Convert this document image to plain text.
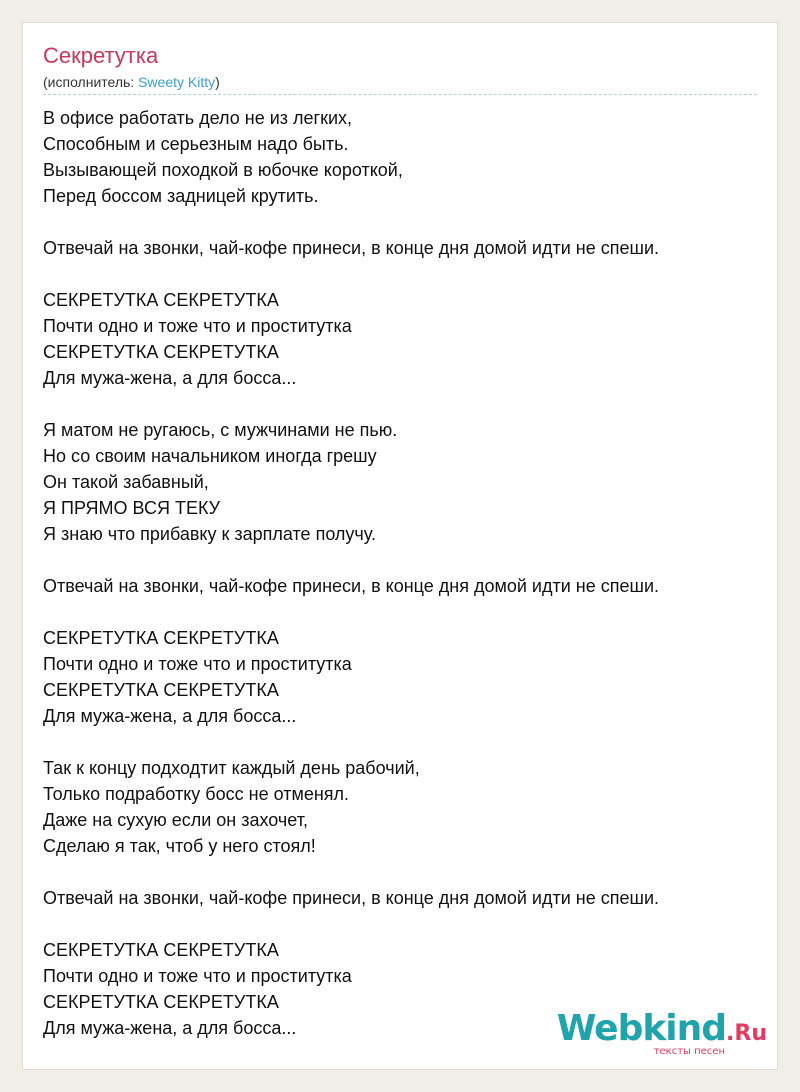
Секретутка
(исполнитель: Sweety Kitty)
В офисе работать дело не из легких,
Способным и серьезным надо быть.
Вызывающей походкой в юбочке короткой,
Перед боссом задницей крутить.
Отвечай на звонки, чай-кофе принеси, в конце дня домой идти не спеши.
СЕКРЕТУТКА СЕКРЕТУТКА
Почти одно и тоже что и проститутка
СЕКРЕТУТКА СЕКРЕТУТКА
Для мужа-жена, а для босса...
Я матом не ругаюсь, с мужчинами не пью.
Но со своим начальником иногда грешу
Он такой забавный,
Я ПРЯМО ВСЯ ТЕКУ
Я знаю что прибавку к зарплате получу.
Отвечай на звонки, чай-кофе принеси, в конце дня домой идти не спеши.
СЕКРЕТУТКА СЕКРЕТУТКА
Почти одно и тоже что и проститутка
СЕКРЕТУТКА СЕКРЕТУТКА
Для мужа-жена, а для босса...
Так к концу подходтит каждый день рабочий,
Только подработку босс не отменял.
Даже на сухую если он захочет,
Сделаю я так, чтоб у него стоял!
Отвечай на звонки, чай-кофе принеси, в конце дня домой идти не спеши.
СЕКРЕТУТКА СЕКРЕТУТКА
Почти одно и тоже что и проститутка
СЕКРЕТУТКА СЕКРЕТУТКА
Для мужа-жена, а для босса...	Webkind.Ru
тексты песен
